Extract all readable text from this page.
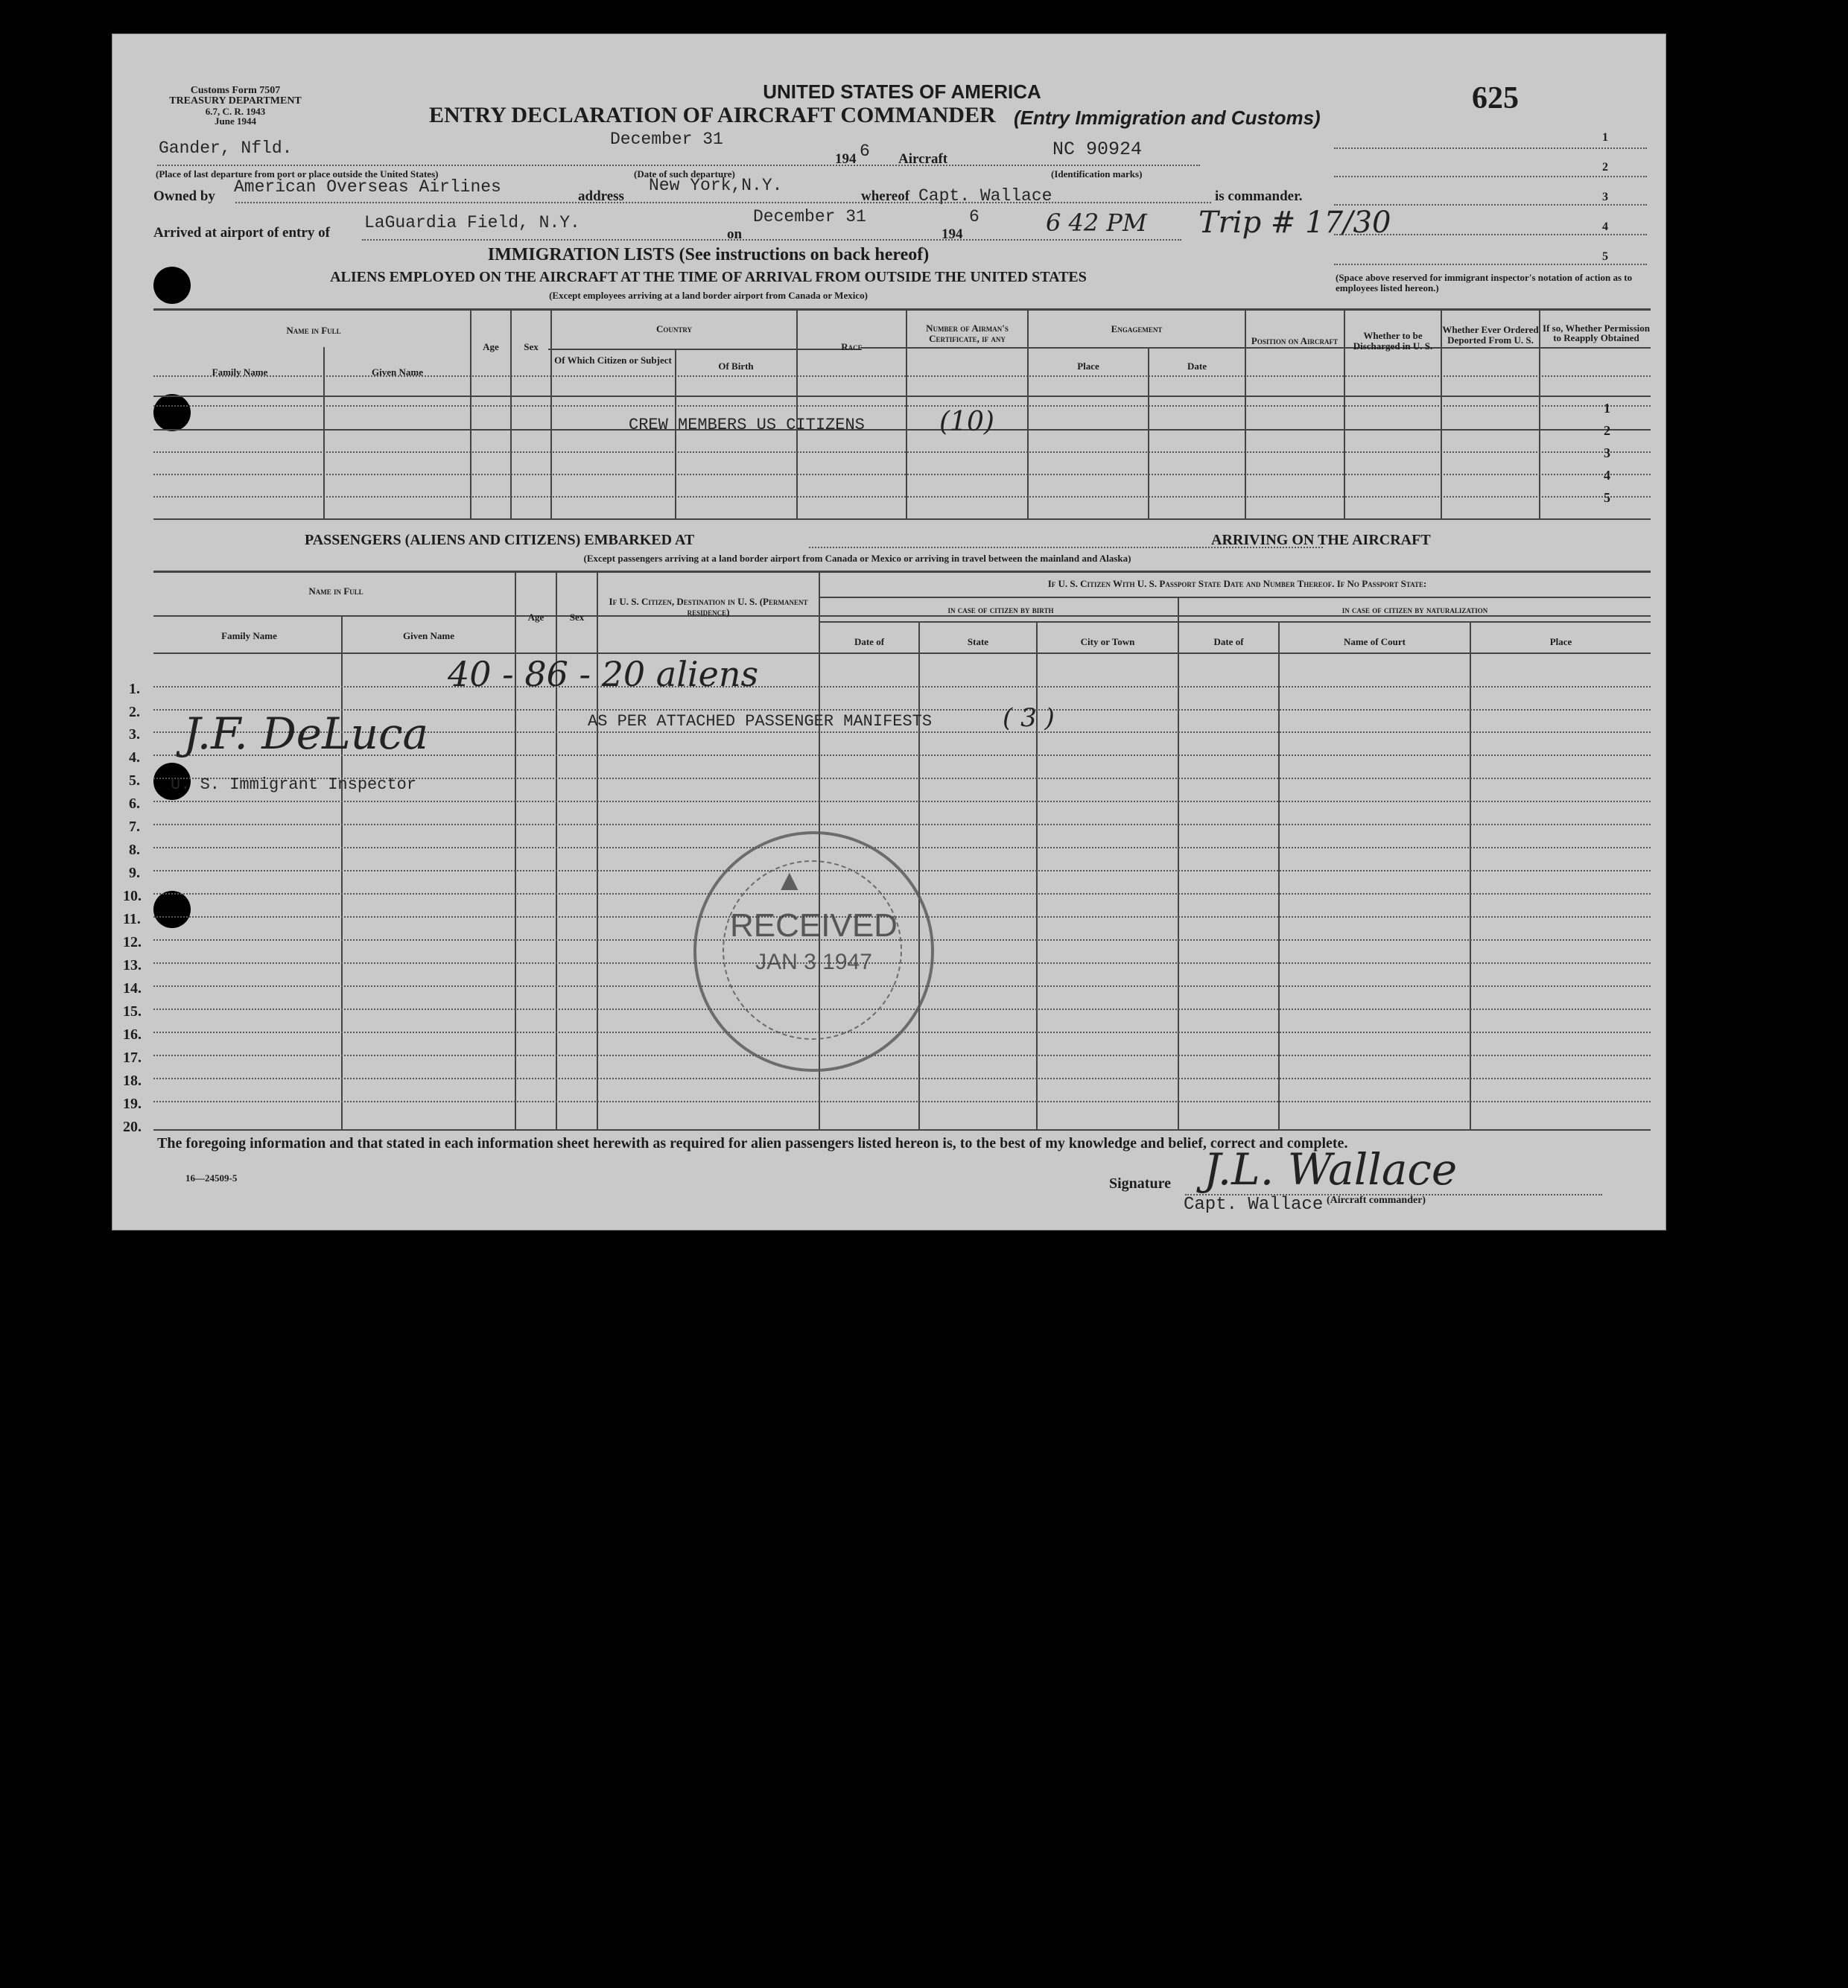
Customs Form 7507
TREASURY DEPARTMENT
6.7, C. R. 1943
June 1944
UNITED STATES OF AMERICA
ENTRY DECLARATION OF AIRCRAFT COMMANDER (Entry Immigration and Customs)
625
Gander, Nfld.	December 31
194 6 Aircraft	NC 90924
(Place of last departure from port or place outside the United States)	(Date of such departure)	(Identification marks)
Owned by American Overseas Airlines	address
New York,N.Y.
whereof Capt. Wallace	is commander.
Arrived at airport of entry of
LaGuardia Field, N.Y.
on
December 31
194
6	6 42 PM Trip # 17/30
1
2
3
4
5
(Space above reserved for immigrant inspector's notation of action as to employees listed hereon.)
IMMIGRATION LISTS (See instructions on back hereof)
ALIENS EMPLOYED ON THE AIRCRAFT AT THE TIME OF ARRIVAL FROM OUTSIDE THE UNITED STATES
(Except employees arriving at a land border airport from Canada or Mexico)
Name in Full
Family Name	Given Name
Age	Sex
Country
Of Which Citizen or Subject
Of Birth
Race
Number of Airman's Certificate, if any
Engagement
Place	Date
Position on Aircraft	Whether to be Discharged in U. S.
Whether Ever Ordered Deported From U. S.
If so, Whether Permission to Reapply Obtained
CREW MEMBERS US CITIZENS	(10)	1
2
3
4
5
PASSENGERS (ALIENS AND CITIZENS) EMBARKED AT	ARRIVING ON THE AIRCRAFT
(Except passengers arriving at a land border airport from Canada or Mexico or arriving in travel between the mainland and Alaska)
Name in Full
Family Name	Given Name
Age	Sex
If U. S. Citizen, Destination in U. S. (Permanent residence)
If U. S. Citizen With U. S. Passport State Date and Number Thereof. If No Passport State:
in case of citizen by birth	in case of citizen by naturalization
Date of	State	City or Town	Date of	Name of Court	Place
1.
2.
3.
4.
5.
6.
7.
8.
9.
10.
11.
12.
13.
14.
15.
16.
17.
18.
19.
20.
40 - 86 - 20 aliens
AS PER ATTACHED PASSENGER MANIFESTS	( 3 )
J.F. DeLuca
U. S. Immigrant Inspector
▲
RECEIVED
JAN 3 1947
The foregoing information and that stated in each information sheet herewith as required for alien passengers listed hereon is, to the best of my knowledge and belief, correct and complete.
16—24509-5	Signature J.L. Wallace
(Aircraft commander)
Capt. Wallace
